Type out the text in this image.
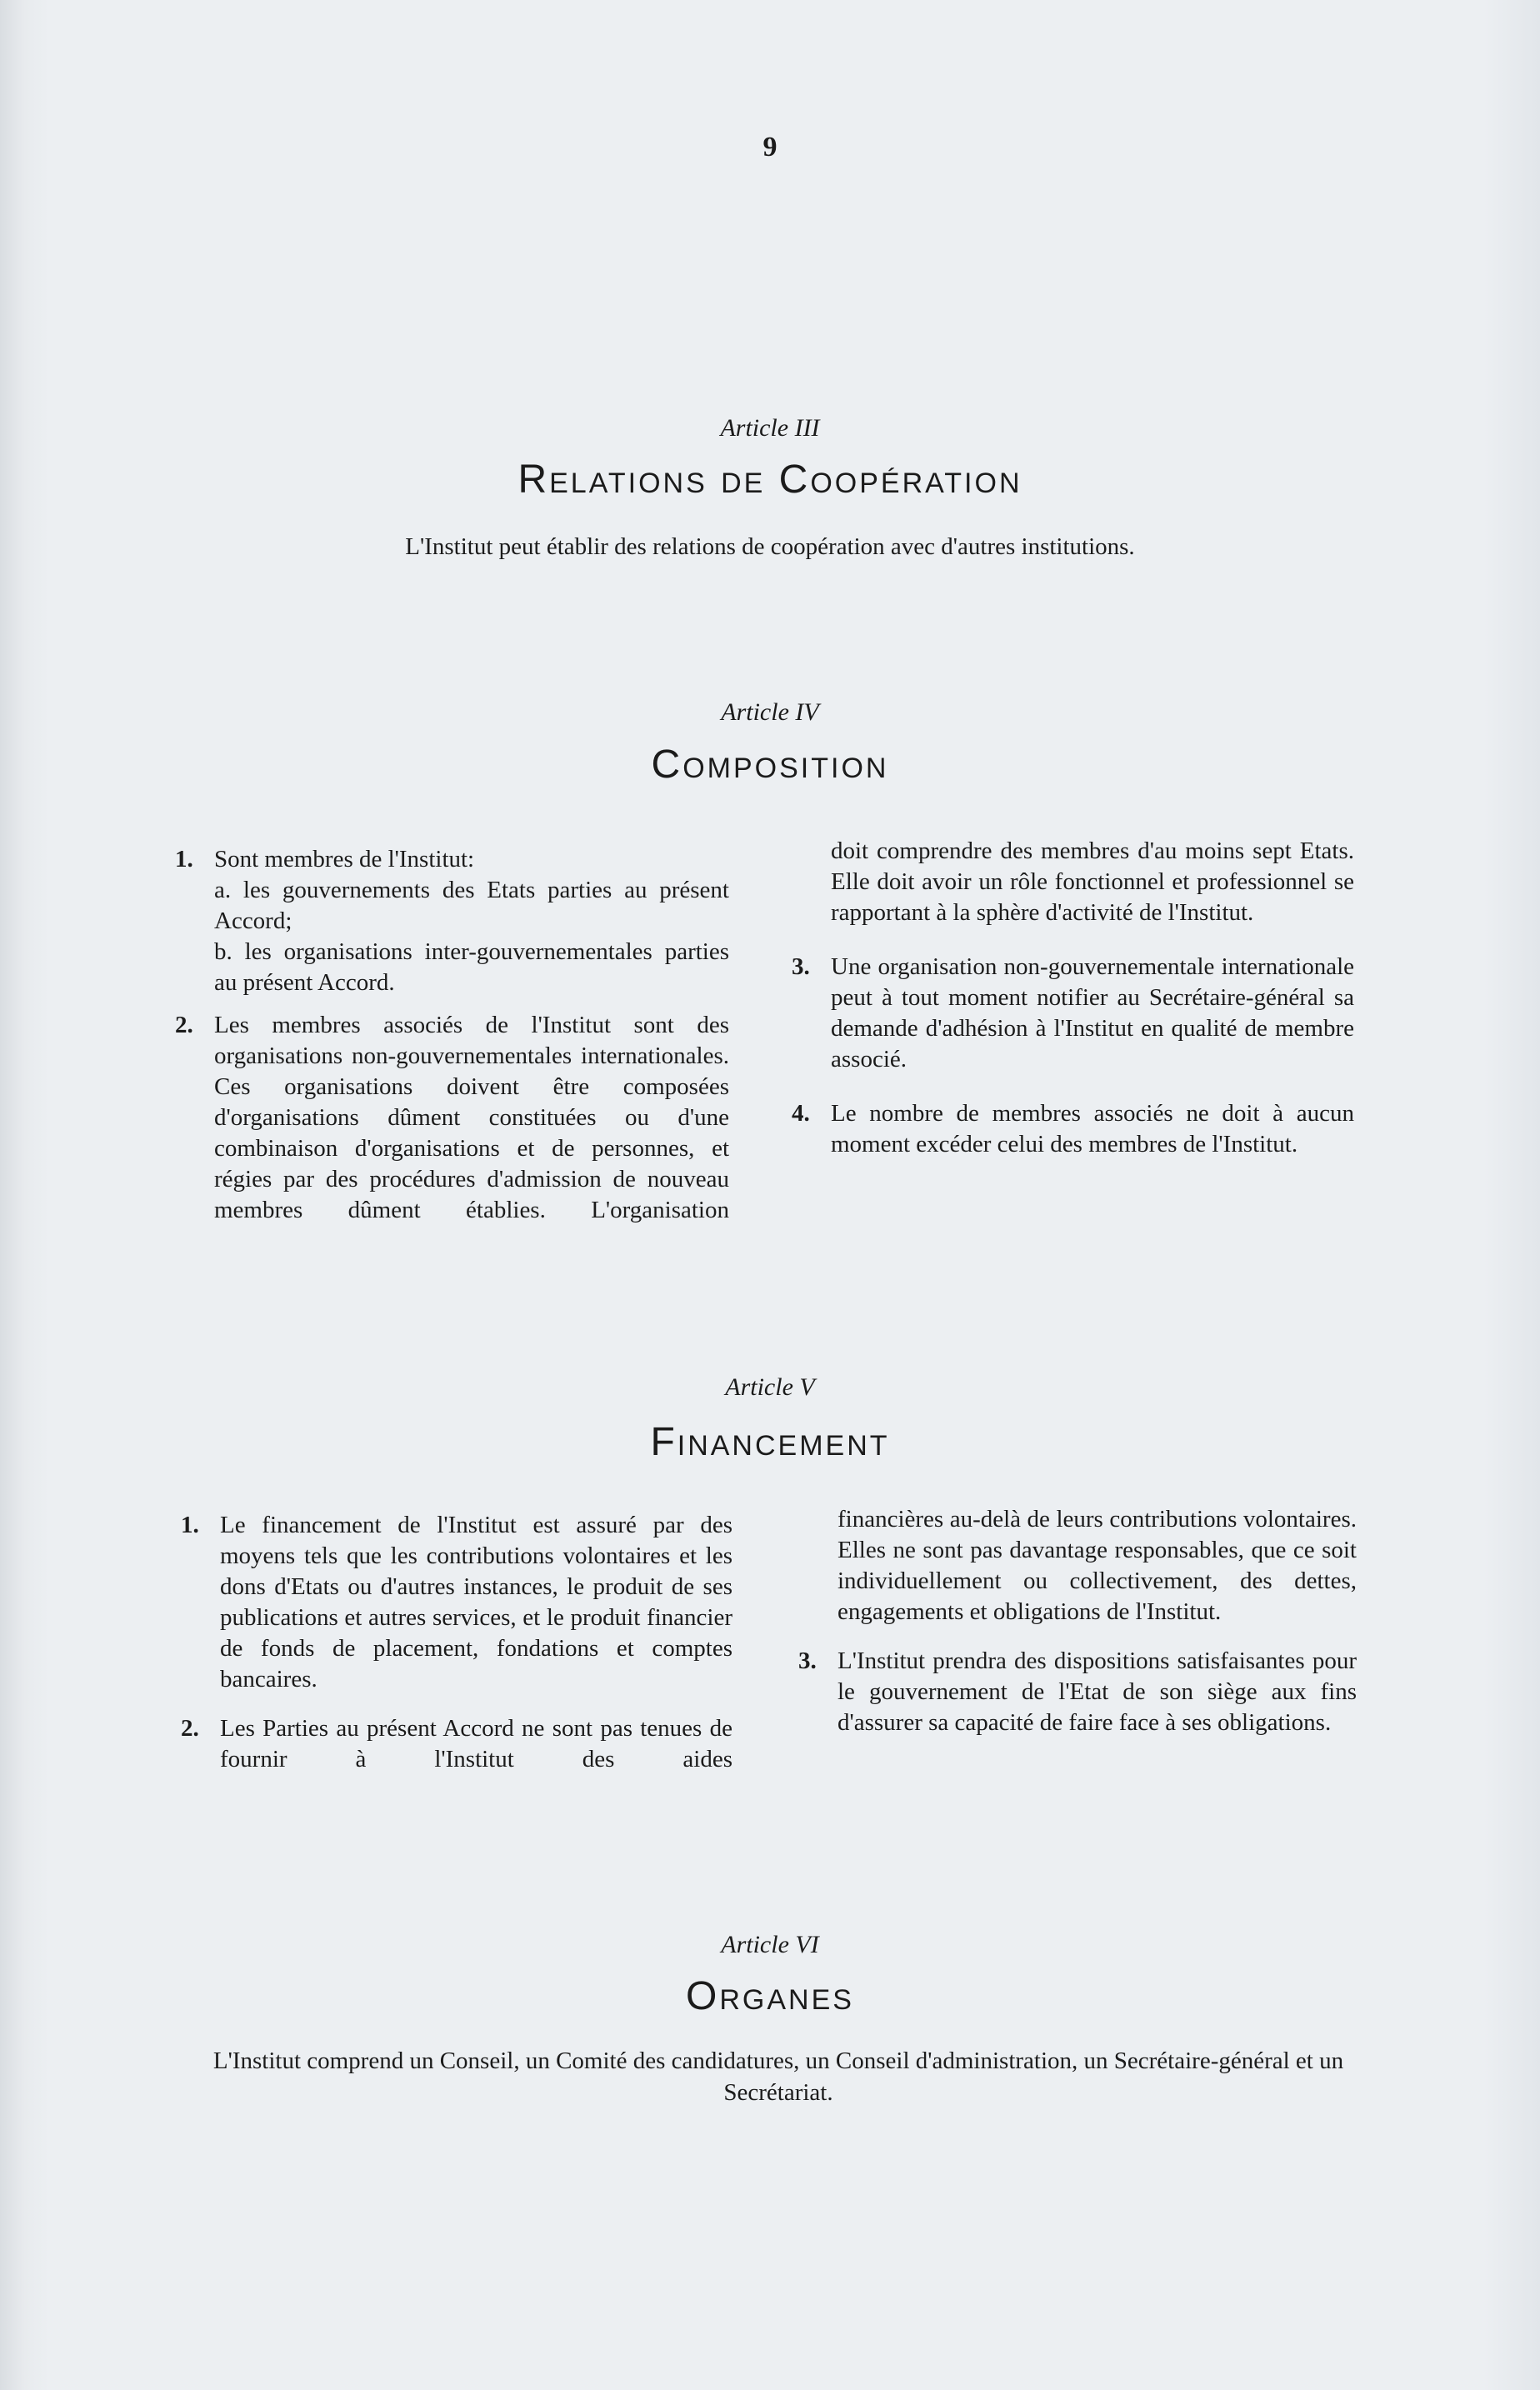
9
Article III
Relations de Coopération
L'Institut peut établir des relations de coopération avec d'autres institutions.
Article IV
Composition
1. Sont membres de l'Institut:
a. les gouvernements des Etats parties au présent Accord;
b. les organisations inter-gouvernementales parties au présent Accord.
2. Les membres associés de l'Institut sont des organisations non-gouvernementales internationales. Ces organisations doivent être composées d'organisations dûment constituées ou d'une combinaison d'organisations et de personnes, et régies par des procédures d'admission de nouveau membres dûment établies. L'organisation
doit comprendre des membres d'au moins sept Etats. Elle doit avoir un rôle fonctionnel et professionnel se rapportant à la sphère d'activité de l'Institut.
3. Une organisation non-gouvernementale internationale peut à tout moment notifier au Secrétaire-général sa demande d'adhésion à l'Institut en qualité de membre associé.
4. Le nombre de membres associés ne doit à aucun moment excéder celui des membres de l'Institut.
Article V
Financement
1. Le financement de l'Institut est assuré par des moyens tels que les contributions volontaires et les dons d'Etats ou d'autres instances, le produit de ses publications et autres services, et le produit financier de fonds de placement, fondations et comptes bancaires.
2. Les Parties au présent Accord ne sont pas tenues de fournir à l'Institut des aides
financières au-delà de leurs contributions volontaires. Elles ne sont pas davantage responsables, que ce soit individuellement ou collectivement, des dettes, engagements et obligations de l'Institut.
3. L'Institut prendra des dispositions satisfaisantes pour le gouvernement de l'Etat de son siège aux fins d'assurer sa capacité de faire face à ses obligations.
Article VI
Organes
L'Institut comprend un Conseil, un Comité des candidatures, un Conseil d'administration, un Secrétaire-général et un Secrétariat.
